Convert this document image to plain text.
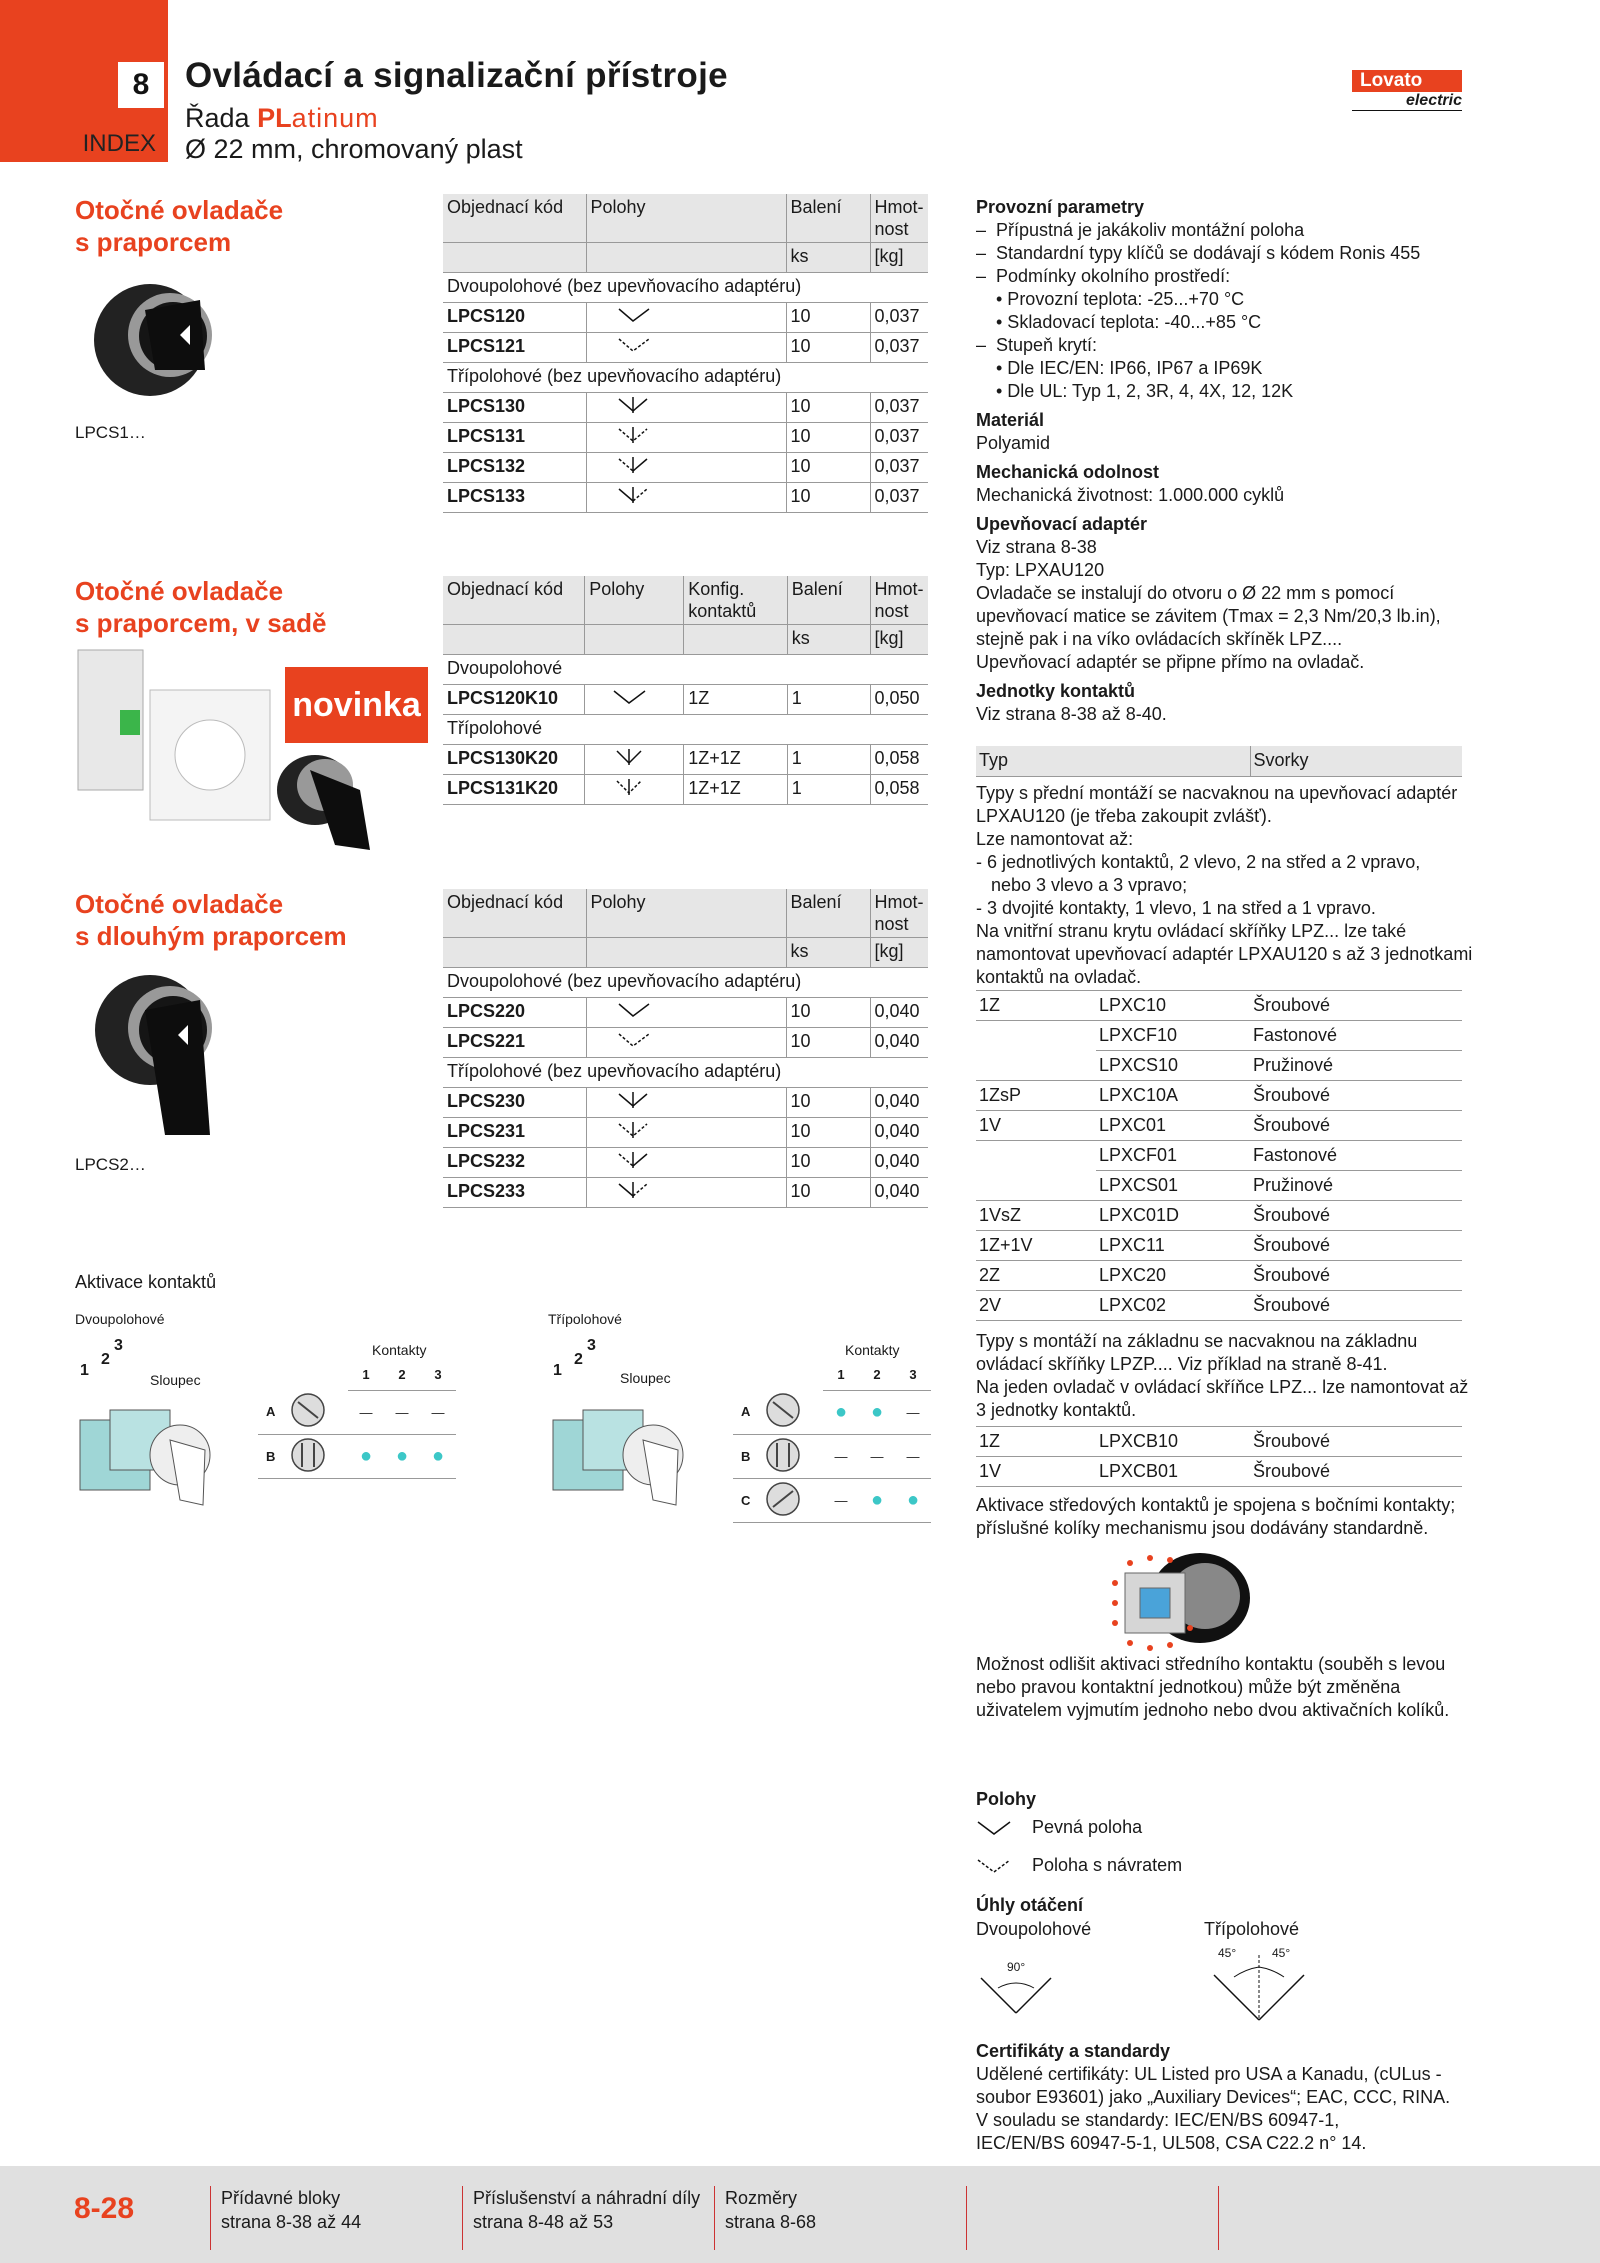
8
INDEX
Ovládací a signalizační přístroje
Řada PLatinum
Ø 22 mm, chromovaný plast
Lovato
electric
Otočné ovladače
s praporcem
LPCS1…
Objednací kód	Polohy	Balení	Hmot-nost
		ks	[kg]
Dvoupolohové (bez upevňovacího adaptéru)			
LPCS120		10	0,037
LPCS121		10	0,037
Třípolohové (bez upevňovacího adaptéru)			
LPCS130		10	0,037
LPCS131		10	0,037
LPCS132		10	0,037
LPCS133		10	0,037
Otočné ovladače
s praporcem, v sadě
novinka
Objednací kód	Polohy	Konfig. kontaktů	Balení	Hmot-nost
			ks	[kg]
Dvoupolohové				
LPCS120K10		1Z	1	0,050
Třípolohové				
LPCS130K20		1Z+1Z	1	0,058
LPCS131K20		1Z+1Z	1	0,058
Otočné ovladače
s dlouhým praporcem
LPCS2…
Objednací kód	Polohy	Balení	Hmot-nost
		ks	[kg]
Dvoupolohové (bez upevňovacího adaptéru)			
LPCS220		10	0,040
LPCS221		10	0,040
Třípolohové (bez upevňovacího adaptéru)			
LPCS230		10	0,040
LPCS231		10	0,040
LPCS232		10	0,040
LPCS233		10	0,040
Aktivace kontaktů
Dvoupolohové	Třípolohové
1
2
3
Sloupec
Kontakty
		1	2	3
A		—	—	—
B		●	●	●
1
2
3
Sloupec
Kontakty
		1	2	3
A		●	●	—
B		—	—	—
C		—	●	●
Provozní parametry
–  Přípustná je jakákoliv montážní poloha
–  Standardní typy klíčů se dodávají s kódem Ronis 455
–  Podmínky okolního prostředí:
• Provozní teplota: -25...+70 °C
• Skladovací teplota: -40...+85 °C
–  Stupeň krytí:
• Dle IEC/EN: IP66, IP67 a IP69K
• Dle UL: Typ 1, 2, 3R, 4, 4X, 12, 12K
Materiál
Polyamid
Mechanická odolnost
Mechanická životnost: 1.000.000 cyklů
Upevňovací adaptér
Viz strana 8-38
Typ: LPXAU120
Ovladače se instalují do otvoru o Ø 22 mm s pomocí
upevňovací matice se závitem (Tmax = 2,3 Nm/20,3 lb.in),
stejně pak i na víko ovládacích skříněk LPZ....
Upevňovací adaptér se připne přímo na ovladač.
Jednotky kontaktů
Viz strana 8-38 až 8-40.
Typ	Svorky
Typy s přední montáží se nacvaknou na upevňovací adaptér
LPXAU120 (je třeba zakoupit zvlášť).
Lze namontovat až:
- 6 jednotlivých kontaktů, 2 vlevo, 2 na střed a 2 vpravo,
nebo 3 vlevo a 3 vpravo;
- 3 dvojité kontakty, 1 vlevo, 1 na střed a 1 vpravo.
Na vnitřní stranu krytu ovládací skříňky LPZ... lze také
namontovat upevňovací adaptér LPXAU120 s až 3 jednotkami
kontaktů na ovladač.
1Z	LPXC10	Šroubové
	LPXCF10	Fastonové
	LPXCS10	Pružinové
1ZsP	LPXC10A	Šroubové
1V	LPXC01	Šroubové
	LPXCF01	Fastonové
	LPXCS01	Pružinové
1VsZ	LPXC01D	Šroubové
1Z+1V	LPXC11	Šroubové
2Z	LPXC20	Šroubové
2V	LPXC02	Šroubové
Typy s montáží na základnu se nacvaknou na základnu
ovládací skříňky LPZP.... Viz příklad na straně 8-41.
Na jeden ovladač v ovládací skříňce LPZ... lze namontovat až
3 jednotky kontaktů.
1Z	LPXCB10	Šroubové
1V	LPXCB01	Šroubové
Aktivace středových kontaktů je spojena s bočními kontakty;
příslušné kolíky mechanismu jsou dodávány standardně.
Možnost odlišit aktivaci středního kontaktu (souběh s levou
nebo pravou kontaktní jednotkou) může být změněna
uživatelem vyjmutím jednoho nebo dvou aktivačních kolíků.
Polohy
Pevná poloha
Poloha s návratem
Úhly otáčení
Dvoupolohové	Třípolohové
90°
45°	45°
Certifikáty a standardy
Udělené certifikáty: UL Listed pro USA a Kanadu, (cULus -
soubor E93601) jako „Auxiliary Devices“; EAC, CCC, RINA.
V souladu se standardy: IEC/EN/BS 60947-1,
IEC/EN/BS 60947-5-1, UL508, CSA C22.2 n° 14.
8-28	Přídavné bloky
strana 8-38 až 44
Příslušenství a náhradní díly
strana 8-48 až 53
Rozměry
strana 8-68
